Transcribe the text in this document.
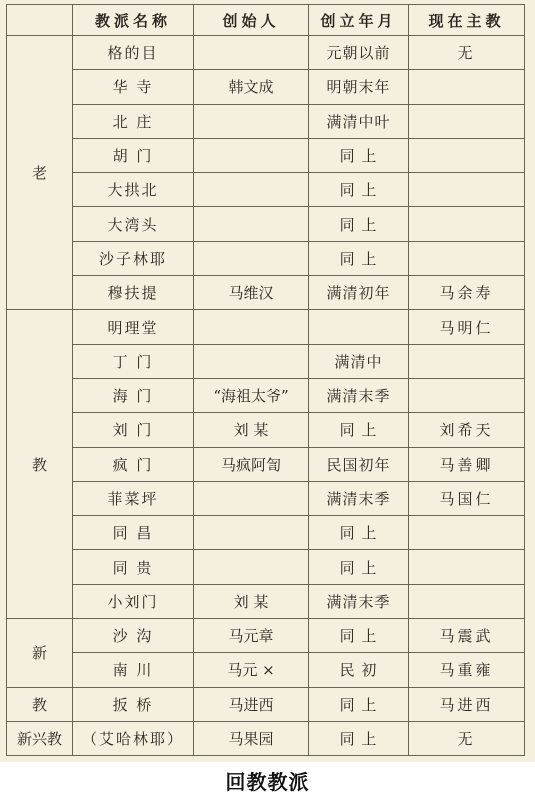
	教派名称	创始人	创立年月	现在主教
老	格的目		元朝以前	无
	华 寺	韩文成	明朝末年	
	北 庄		满清中叶	
	胡 门		同 上	
	大拱北		同 上	
	大湾头		同 上	
	沙子林耶		同 上	
	穆扶提	马维汉	满清初年	马余寿
教	明理堂			马明仁
	丁 门		满清中	
	海 门	“海祖太爷”	满清末季	
	刘 门	刘 某	同 上	刘希天
	疯 门	马疯阿訇	民国初年	马善卿
	菲菜坪		满清末季	马国仁
	同 昌		同 上	
	同 贵		同 上	
	小刘门	刘 某	满清末季	
新	沙 沟	马元章	同 上	马震武
	南 川	马元 ×	民 初	马重雍
教	扳 桥	马进西	同 上	马进西
新兴教	（艾哈林耶）	马果园	同 上	无
回教教派
